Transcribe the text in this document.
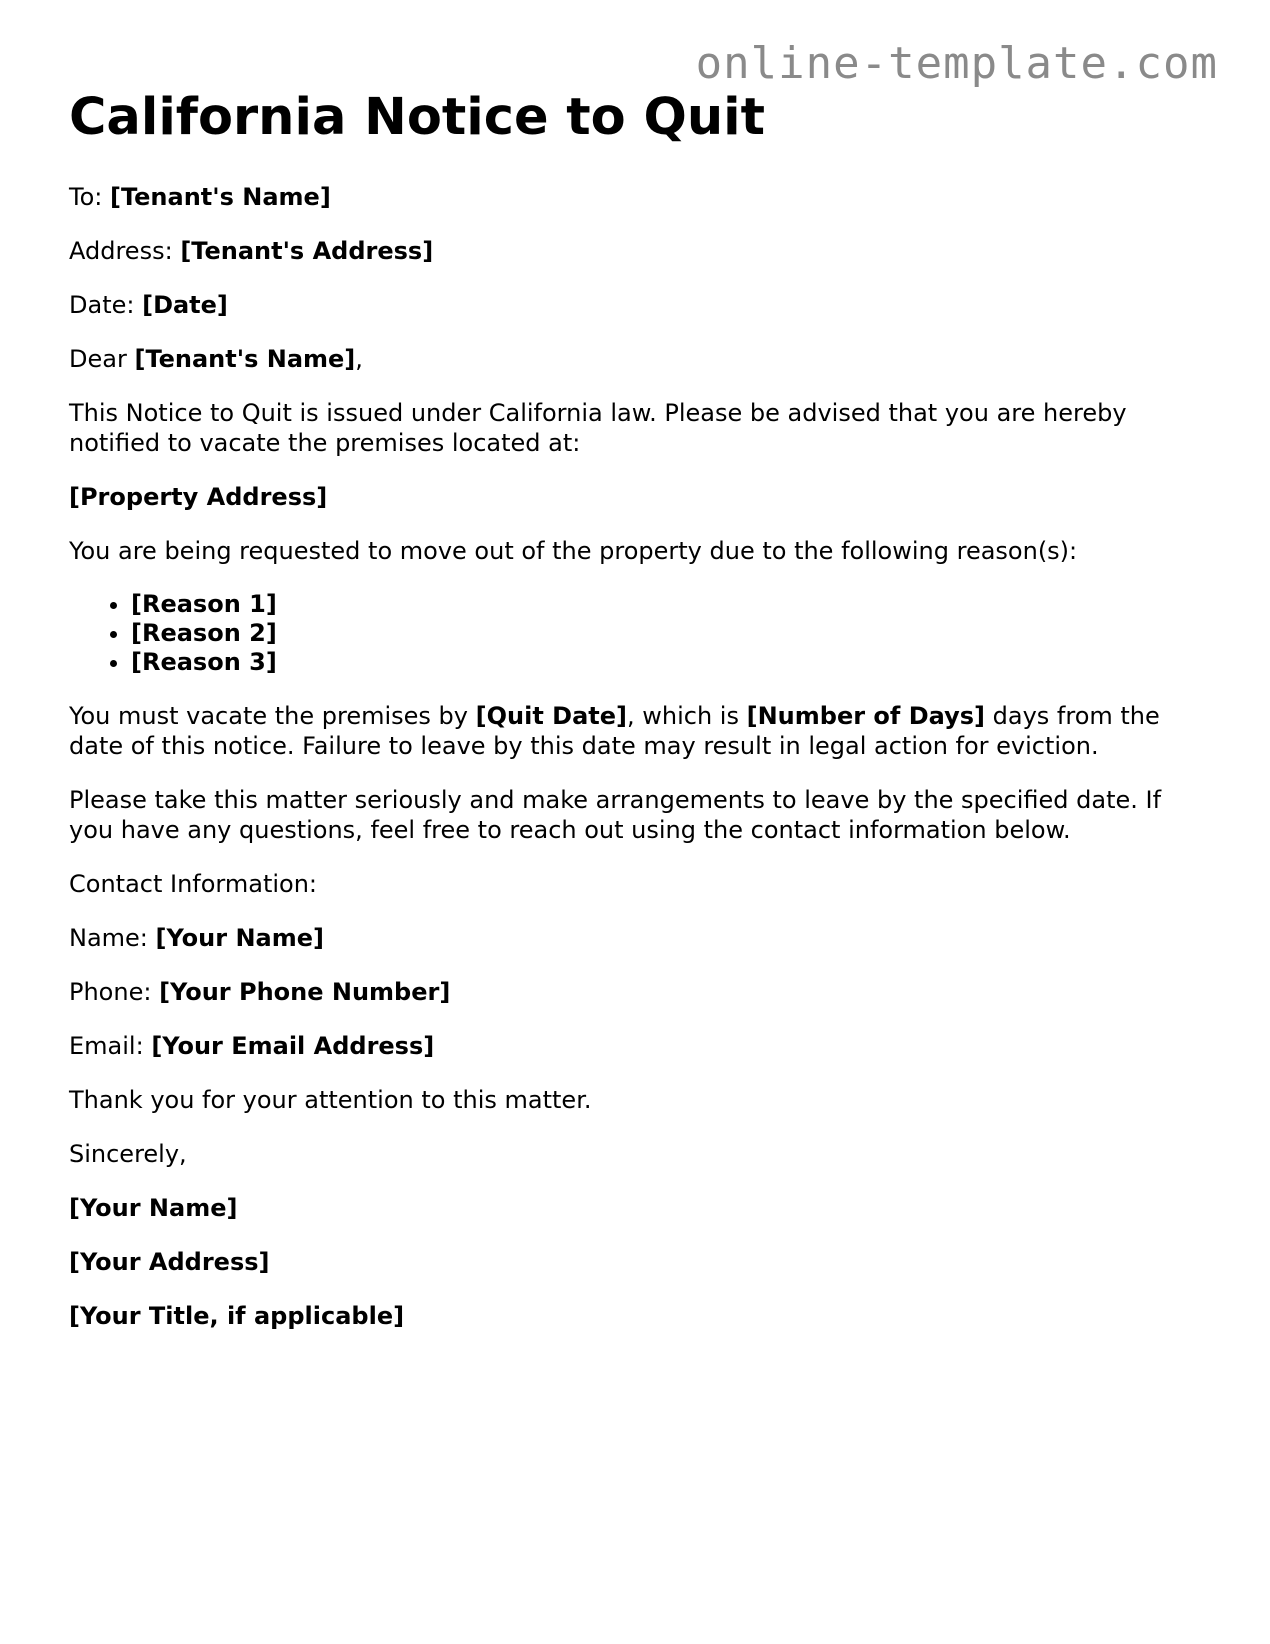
online-template.com
California Notice to Quit

To: [Tenant's Name]

Address: [Tenant's Address]

Date: [Date]

Dear [Tenant's Name],

This Notice to Quit is issued under California law. Please be advised that you are hereby notified to vacate the premises located at:

[Property Address]

You are being requested to move out of the property due to the following reason(s):

• [Reason 1]
• [Reason 2]
• [Reason 3]

You must vacate the premises by [Quit Date], which is [Number of Days] days from the date of this notice. Failure to leave by this date may result in legal action for eviction.

Please take this matter seriously and make arrangements to leave by the specified date. If you have any questions, feel free to reach out using the contact information below.

Contact Information:

Name: [Your Name]

Phone: [Your Phone Number]

Email: [Your Email Address]

Thank you for your attention to this matter.

Sincerely,

[Your Name]

[Your Address]

[Your Title, if applicable]
